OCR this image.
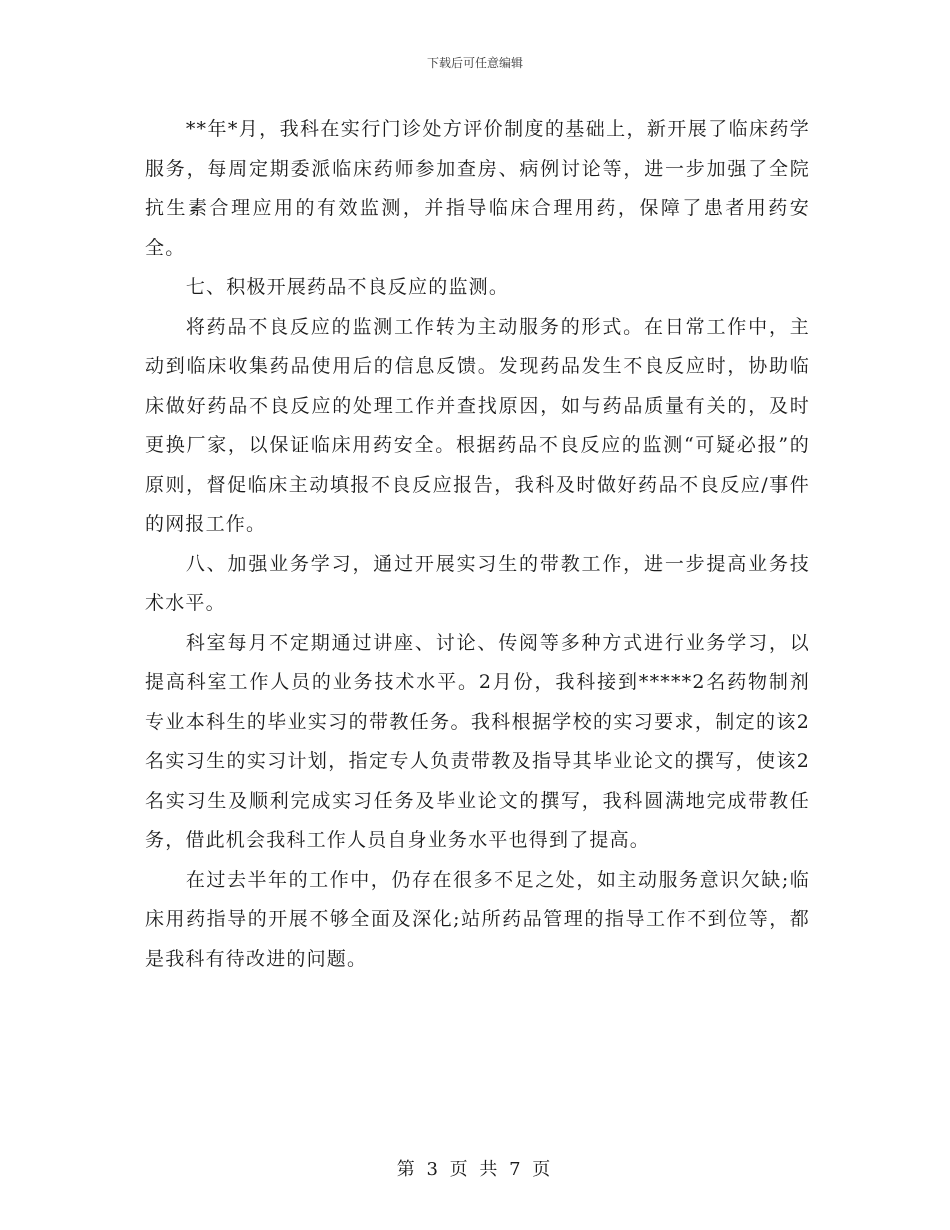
下载后可任意编辑

**年*月，我科在实行门诊处方评价制度的基础上，新开展了临床药学服务，每周定期委派临床药师参加查房、病例讨论等，进一步加强了全院抗生素合理应用的有效监测，并指导临床合理用药，保障了患者用药安全。

七、积极开展药品不良反应的监测。

将药品不良反应的监测工作转为主动服务的形式。在日常工作中，主动到临床收集药品使用后的信息反馈。发现药品发生不良反应时，协助临床做好药品不良反应的处理工作并查找原因，如与药品质量有关的，及时更换厂家，以保证临床用药安全。根据药品不良反应的监测“可疑必报”的原则，督促临床主动填报不良反应报告，我科及时做好药品不良反应/事件的网报工作。

八、加强业务学习，通过开展实习生的带教工作，进一步提高业务技术水平。

科室每月不定期通过讲座、讨论、传阅等多种方式进行业务学习，以提高科室工作人员的业务技术水平。2月份，我科接到*****2名药物制剂专业本科生的毕业实习的带教任务。我科根据学校的实习要求，制定的该2名实习生的实习计划，指定专人负责带教及指导其毕业论文的撰写，使该2名实习生及顺利完成实习任务及毕业论文的撰写，我科圆满地完成带教任务，借此机会我科工作人员自身业务水平也得到了提高。

在过去半年的工作中，仍存在很多不足之处，如主动服务意识欠缺;临床用药指导的开展不够全面及深化;站所药品管理的指导工作不到位等，都是我科有待改进的问题。

第 3 页 共 7 页
